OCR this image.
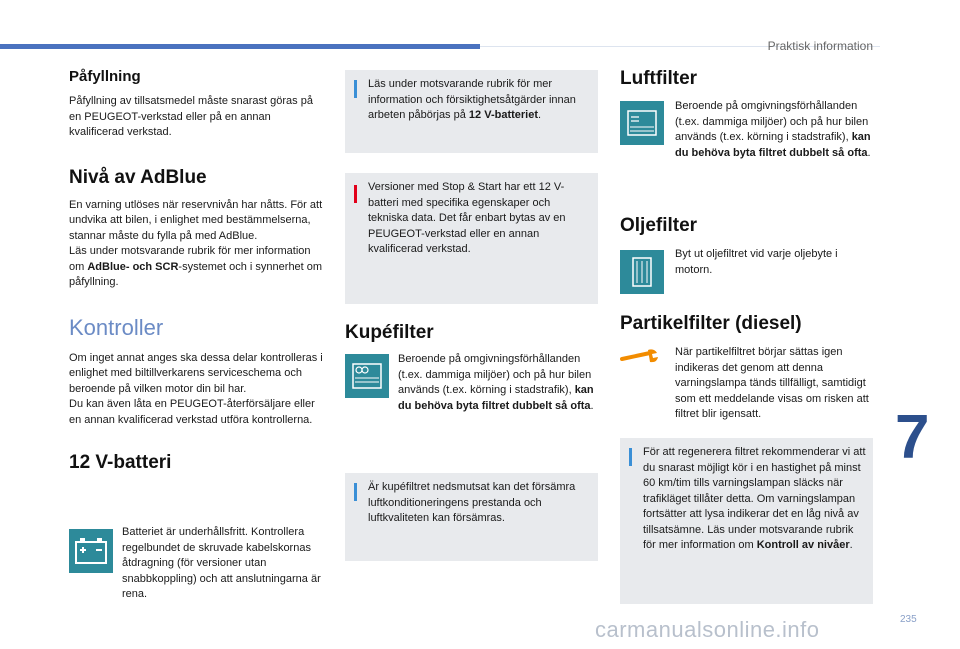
Praktisk information
Påfyllning

Påfyllning av tillsatsmedel måste snarast göras på en PEUGEOT-verkstad eller på en annan kvalificerad verkstad.

Nivå av AdBlue

En varning utlöses när reservnivån har nåtts. För att undvika att bilen, i enlighet med bestämmelserna, stannar måste du fylla på med AdBlue.

Läs under motsvarande rubrik för mer information om AdBlue- och SCR-systemet och i synnerhet om påfyllning.

Kontroller

Om inget annat anges ska dessa delar kontrolleras i enlighet med biltillverkarens serviceschema och beroende på vilken motor din bil har.

Du kan även låta en PEUGEOT-återförsäljare eller en annan kvalificerad verkstad utföra kontrollerna.

12 V-batteri

Batteriet är underhållsfritt. Kontrollera regelbundet de skruvade kabelskornas åtdragning (för versioner utan snabbkoppling) och att anslutningarna är rena.

Läs under motsvarande rubrik för mer information och försiktighetsåtgärder innan arbeten påbörjas på 12 V-batteriet.
Versioner med Stop & Start har ett 12 V-batteri med specifika egenskaper och tekniska data. Det får enbart bytas av en PEUGEOT-verkstad eller en annan kvalificerad verkstad.
Kupéfilter

Beroende på omgivningsförhållanden (t.ex. dammiga miljöer) och på hur bilen används (t.ex. körning i stadstrafik), kan du behöva byta filtret dubbelt så ofta.

Är kupéfiltret nedsmutsat kan det försämra luftkonditioneringens prestanda och luftkvaliteten kan försämras.
Luftfilter

Beroende på omgivningsförhållanden (t.ex. dammiga miljöer) och på hur bilen används (t.ex. körning i stadstrafik), kan du behöva byta filtret dubbelt så ofta.

Oljefilter

Byt ut oljefiltret vid varje oljebyte i motorn.

Partikelfilter (diesel)

När partikelfiltret börjar sättas igen indikeras det genom att denna varningslampa tänds tillfälligt, samtidigt som ett meddelande visas om risken att filtret blir igensatt.

För att regenerera filtret rekommenderar vi att du snarast möjligt kör i en hastighet på minst 60 km/tim tills varningslampan släcks när trafikläget tillåter detta. Om varningslampan fortsätter att lysa indikerar det en låg nivå av tillsatsämne. Läs under motsvarande rubrik för mer information om Kontroll av nivåer.
7
235
carmanualsonline.info
